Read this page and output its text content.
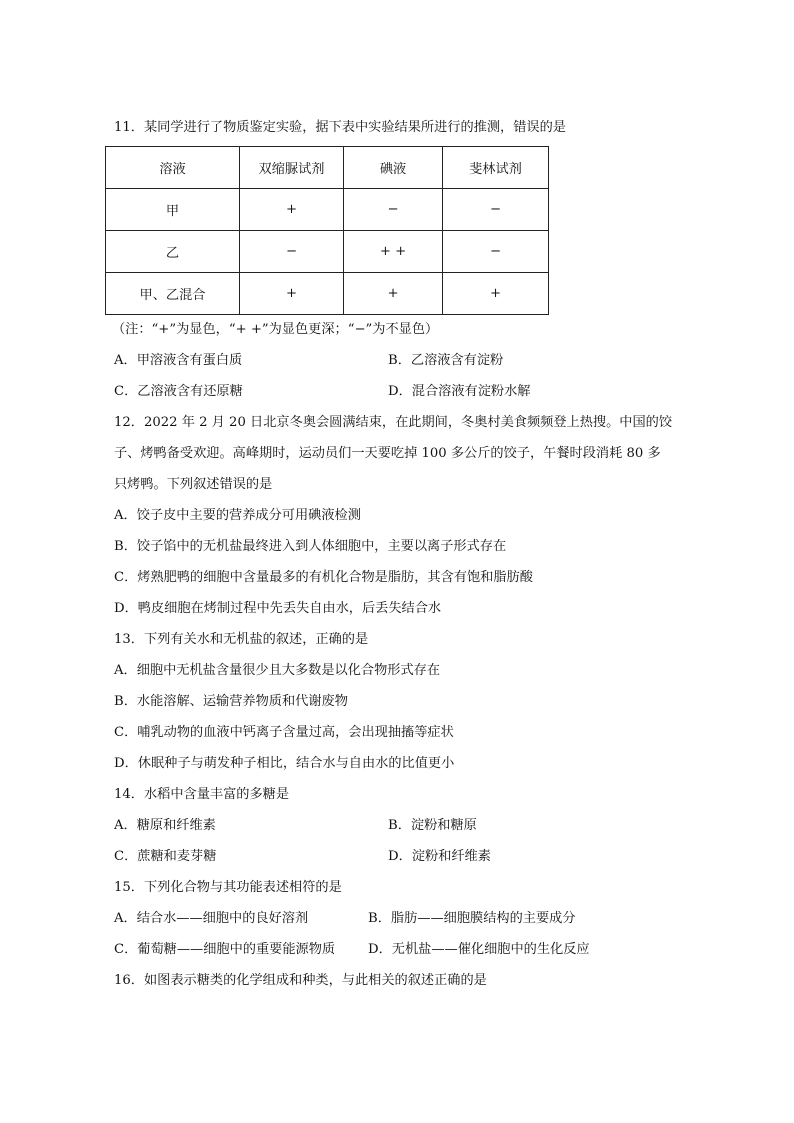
11．某同学进行了物质鉴定实验，据下表中实验结果所进行的推测，错误的是
溶液	双缩脲试剂	碘液	斐林试剂
甲	+	−	−
乙	−	+ +	−
甲、乙混合	+	+	+
（注：“+”为显色，“+ +”为显色更深；“−”为不显色）
A．甲溶液含有蛋白质	B．乙溶液含有淀粉
C．乙溶液含有还原糖	D．混合溶液有淀粉水解
12．2022 年 2 月 20 日北京冬奥会圆满结束，在此期间，冬奥村美食频频登上热搜。中国的饺
子、烤鸭备受欢迎。高峰期时，运动员们一天要吃掉 100 多公斤的饺子，午餐时段消耗 80 多
只烤鸭。下列叙述错误的是
A．饺子皮中主要的营养成分可用碘液检测
B．饺子馅中的无机盐最终进入到人体细胞中，主要以离子形式存在
C．烤熟肥鸭的细胞中含量最多的有机化合物是脂肪，其含有饱和脂肪酸
D．鸭皮细胞在烤制过程中先丢失自由水，后丢失结合水
13．下列有关水和无机盐的叙述，正确的是
A．细胞中无机盐含量很少且大多数是以化合物形式存在
B．水能溶解、运输营养物质和代谢废物
C．哺乳动物的血液中钙离子含量过高，会出现抽搐等症状
D．休眠种子与萌发种子相比，结合水与自由水的比值更小
14．水稻中含量丰富的多糖是
A．糖原和纤维素	B．淀粉和糖原
C．蔗糖和麦芽糖	D．淀粉和纤维素
15．下列化合物与其功能表述相符的是
A．结合水——细胞中的良好溶剂	B．脂肪——细胞膜结构的主要成分
C．葡萄糖——细胞中的重要能源物质 D．无机盐——催化细胞中的生化反应
16．如图表示糖类的化学组成和种类，与此相关的叙述正确的是
